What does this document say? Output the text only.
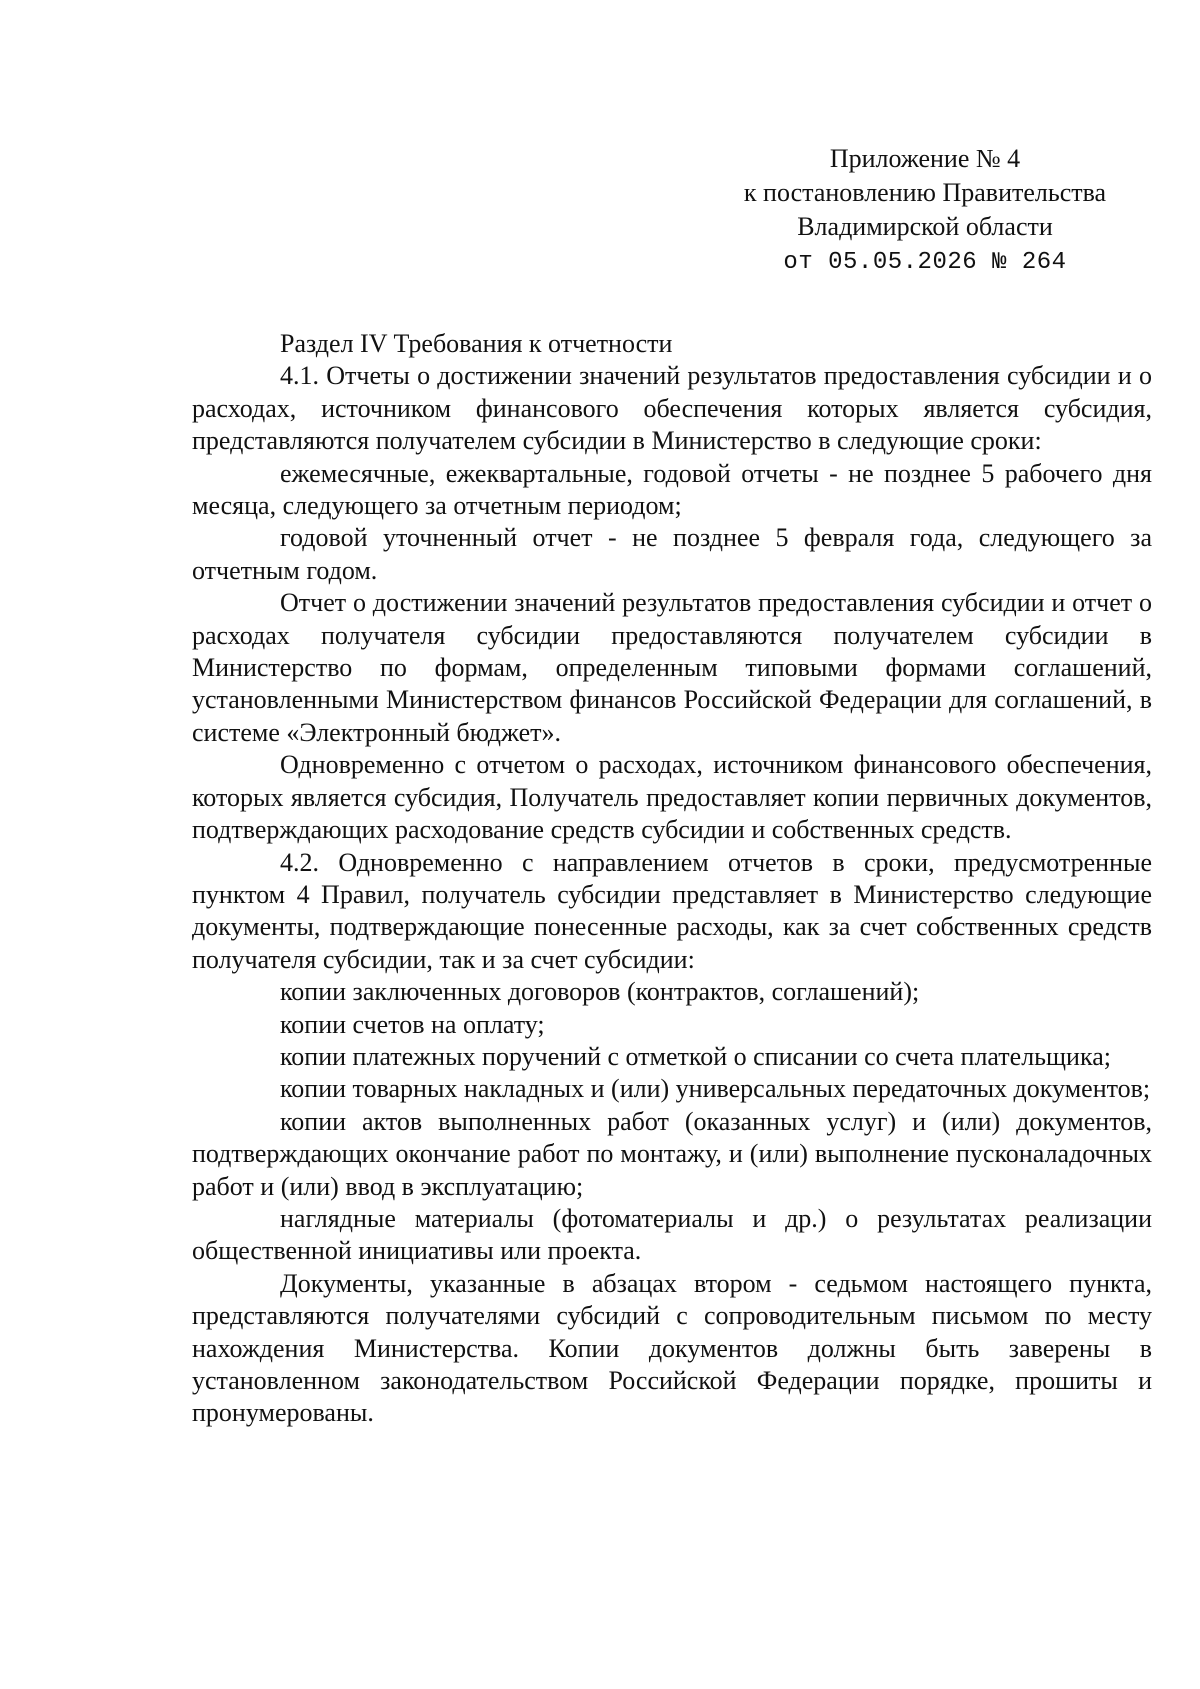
Приложение № 4
к постановлению Правительства
Владимирской области
от 05.05.2026 № 264

Раздел IV Требования к отчетности

4.1. Отчеты о достижении значений результатов предоставления субсидии и о расходах, источником финансового обеспечения которых является субсидия, представляются получателем субсидии в Министерство в следующие сроки:

ежемесячные, ежеквартальные, годовой отчеты - не позднее 5 рабочего дня месяца, следующего за отчетным периодом;

годовой уточненный отчет - не позднее 5 февраля года, следующего за отчетным годом.

Отчет о достижении значений результатов предоставления субсидии и отчет о расходах получателя субсидии предоставляются получателем субсидии в Министерство по формам, определенным типовыми формами соглашений, установленными Министерством финансов Российской Федерации для соглашений, в системе «Электронный бюджет».

Одновременно с отчетом о расходах, источником финансового обеспечения, которых является субсидия, Получатель предоставляет копии первичных документов, подтверждающих расходование средств субсидии и собственных средств.

4.2. Одновременно с направлением отчетов в сроки, предусмотренные пунктом 4 Правил, получатель субсидии представляет в Министерство следующие документы, подтверждающие понесенные расходы, как за счет собственных средств получателя субсидии, так и за счет субсидии:

копии заключенных договоров (контрактов, соглашений);

копии счетов на оплату;

копии платежных поручений с отметкой о списании со счета плательщика;

копии товарных накладных и (или) универсальных передаточных документов;

копии актов выполненных работ (оказанных услуг) и (или) документов, подтверждающих окончание работ по монтажу, и (или) выполнение пусконаладочных работ и (или) ввод в эксплуатацию;

наглядные материалы (фотоматериалы и др.) о результатах реализации общественной инициативы или проекта.

Документы, указанные в абзацах втором - седьмом настоящего пункта, представляются получателями субсидий с сопроводительным письмом по месту нахождения Министерства. Копии документов должны быть заверены в установленном законодательством Российской Федерации порядке, прошиты и пронумерованы.
